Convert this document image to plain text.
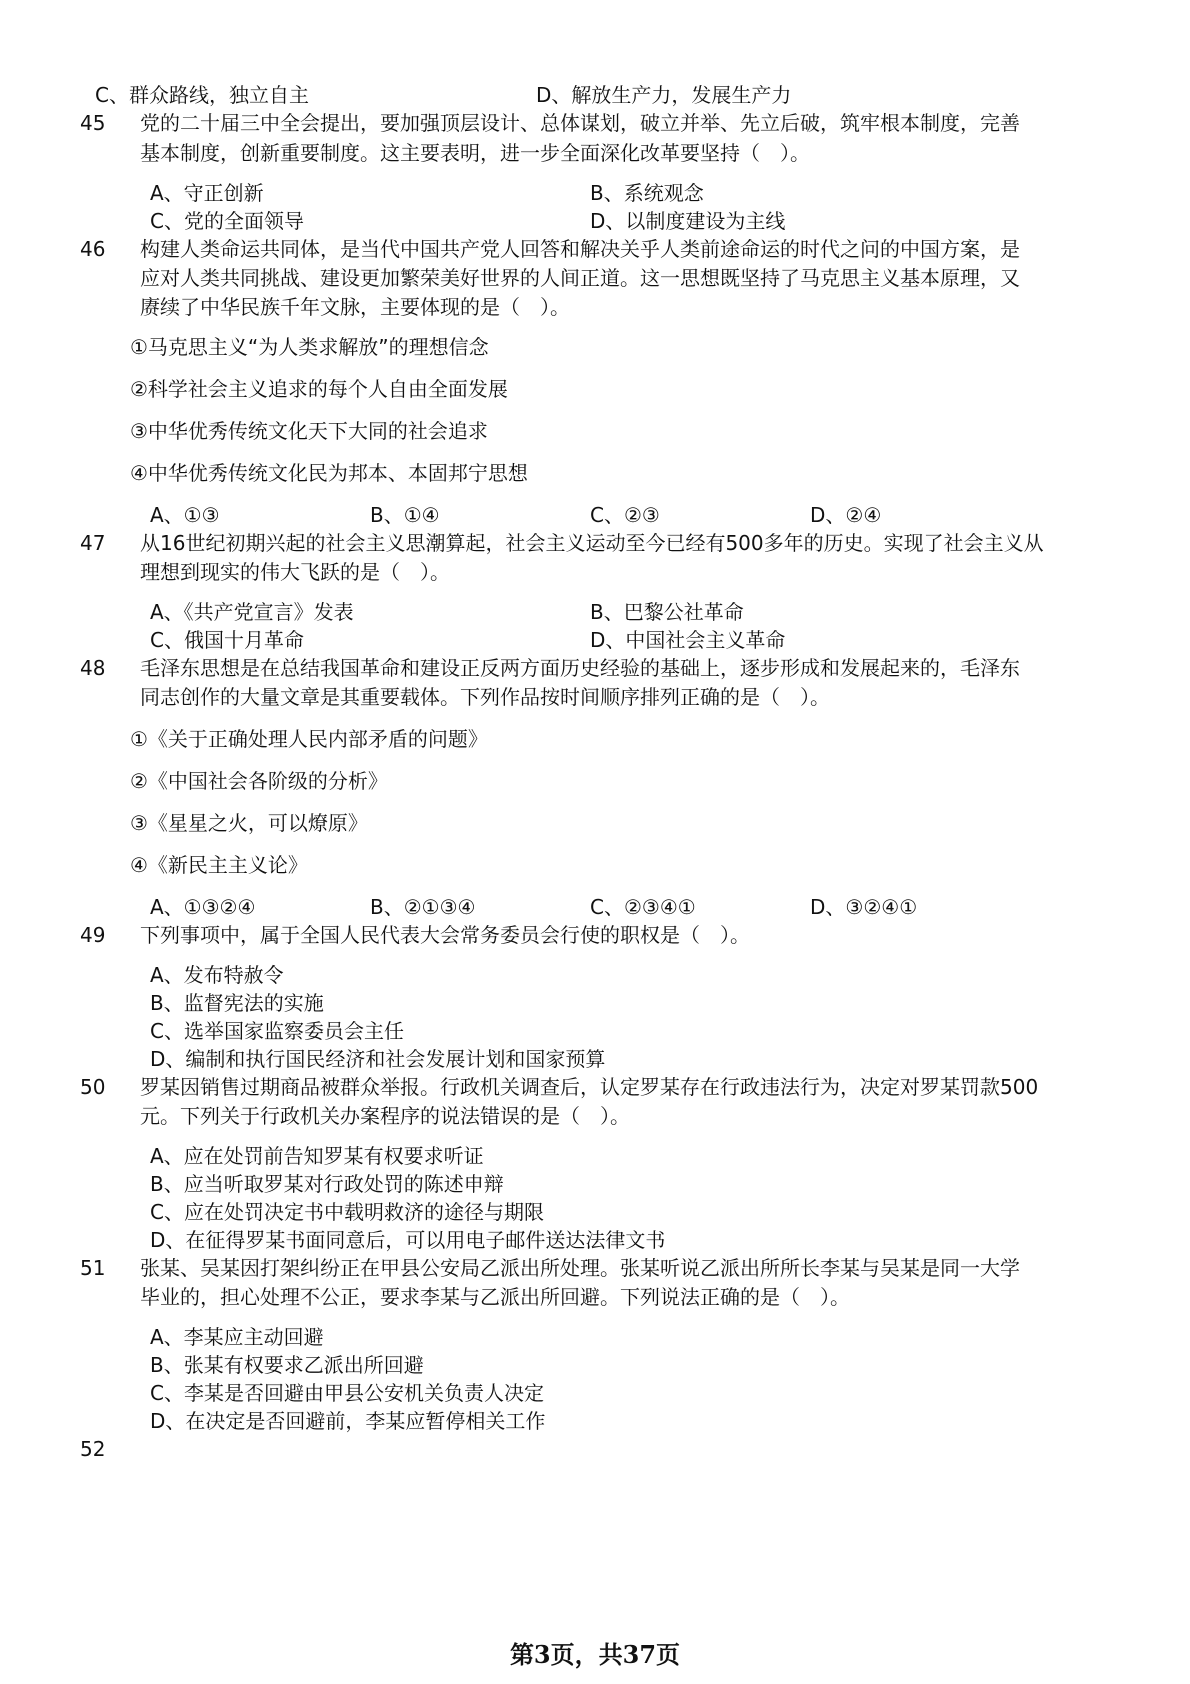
C、群众路线，独立自主	D、解放生产力，发展生产力
45 党的二十届三中全会提出，要加强顶层设计、总体谋划，破立并举、先立后破，筑牢根本制度，完善
基本制度，创新重要制度。这主要表明，进一步全面深化改革要坚持（　）。
A、守正创新	B、系统观念
C、党的全面领导	D、以制度建设为主线
46 构建人类命运共同体，是当代中国共产党人回答和解决关乎人类前途命运的时代之问的中国方案，是
应对人类共同挑战、建设更加繁荣美好世界的人间正道。这一思想既坚持了马克思主义基本原理，又
赓续了中华民族千年文脉，主要体现的是（　）。
①马克思主义“为人类求解放”的理想信念
②科学社会主义追求的每个人自由全面发展
③中华优秀传统文化天下大同的社会追求
④中华优秀传统文化民为邦本、本固邦宁思想
A、①③	B、①④	C、②③	D、②④
47 从16世纪初期兴起的社会主义思潮算起，社会主义运动至今已经有500多年的历史。实现了社会主义从
理想到现实的伟大飞跃的是（　）。
A、《共产党宣言》发表	B、巴黎公社革命
C、俄国十月革命	D、中国社会主义革命
48 毛泽东思想是在总结我国革命和建设正反两方面历史经验的基础上，逐步形成和发展起来的，毛泽东
同志创作的大量文章是其重要载体。下列作品按时间顺序排列正确的是（　）。
①《关于正确处理人民内部矛盾的问题》
②《中国社会各阶级的分析》
③《星星之火，可以燎原》
④《新民主主义论》
A、①③②④	B、②①③④	C、②③④①	D、③②④①
49 下列事项中，属于全国人民代表大会常务委员会行使的职权是（　）。
A、发布特赦令
B、监督宪法的实施
C、选举国家监察委员会主任
D、编制和执行国民经济和社会发展计划和国家预算
50 罗某因销售过期商品被群众举报。行政机关调查后，认定罗某存在行政违法行为，决定对罗某罚款500
元。下列关于行政机关办案程序的说法错误的是（　）。
A、应在处罚前告知罗某有权要求听证
B、应当听取罗某对行政处罚的陈述申辩
C、应在处罚决定书中载明救济的途径与期限
D、在征得罗某书面同意后，可以用电子邮件送达法律文书
51 张某、吴某因打架纠纷正在甲县公安局乙派出所处理。张某听说乙派出所所长李某与吴某是同一大学
毕业的，担心处理不公正，要求李某与乙派出所回避。下列说法正确的是（　）。
A、李某应主动回避
B、张某有权要求乙派出所回避
C、李某是否回避由甲县公安机关负责人决定
D、在决定是否回避前，李某应暂停相关工作
52
第3页，共37页
